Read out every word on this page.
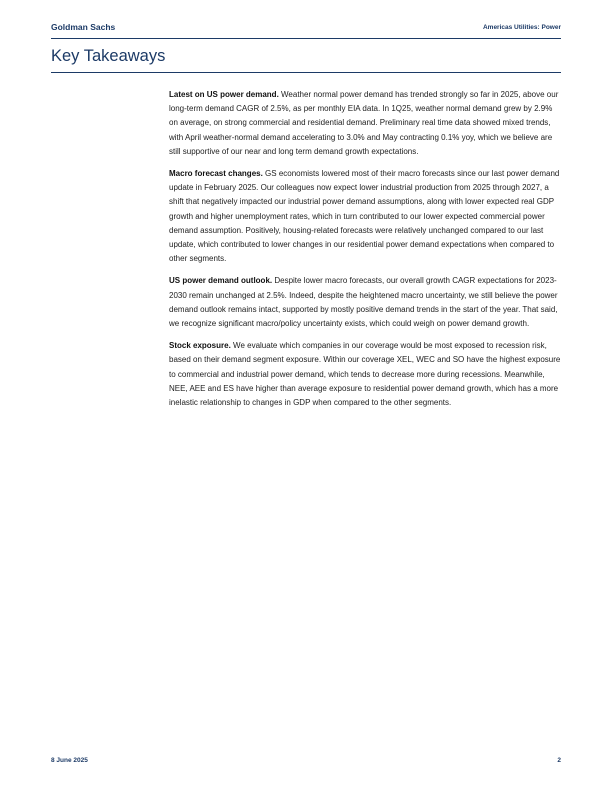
Goldman Sachs	Americas Utilities: Power
Key Takeaways

Latest on US power demand. Weather normal power demand has trended strongly so far in 2025, above our long-term demand CAGR of 2.5%, as per monthly EIA data. In 1Q25, weather normal demand grew by 2.9% on average, on strong commercial and residential demand. Preliminary real time data showed mixed trends, with April weather-normal demand accelerating to 3.0% and May contracting 0.1% yoy, which we believe are still supportive of our near and long term demand growth expectations.

Macro forecast changes. GS economists lowered most of their macro forecasts since our last power demand update in February 2025. Our colleagues now expect lower industrial production from 2025 through 2027, a shift that negatively impacted our industrial power demand assumptions, along with lower expected real GDP growth and higher unemployment rates, which in turn contributed to our lower expected commercial power demand assumption. Positively, housing-related forecasts were relatively unchanged compared to our last update, which contributed to lower changes in our residential power demand expectations when compared to other segments.

US power demand outlook. Despite lower macro forecasts, our overall growth CAGR expectations for 2023-2030 remain unchanged at 2.5%. Indeed, despite the heightened macro uncertainty, we still believe the power demand outlook remains intact, supported by mostly positive demand trends in the start of the year. That said, we recognize significant macro/policy uncertainty exists, which could weigh on power demand growth.

Stock exposure. We evaluate which companies in our coverage would be most exposed to recession risk, based on their demand segment exposure. Within our coverage XEL, WEC and SO have the highest exposure to commercial and industrial power demand, which tends to decrease more during recessions. Meanwhile, NEE, AEE and ES have higher than average exposure to residential power demand growth, which has a more inelastic relationship to changes in GDP when compared to the other segments.

8 June 2025	2
